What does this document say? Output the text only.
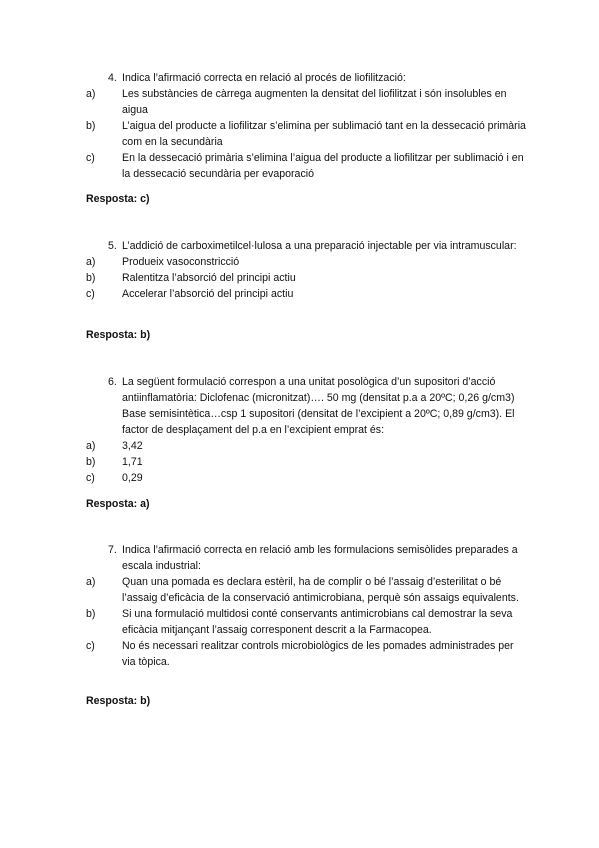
4. Indica l’afirmació correcta en relació al procés de liofilització:
a)	Les substàncies de càrrega augmenten la densitat del liofilitzat i són insolubles en aigua
b)	L’aigua del producte a liofilitzar s’elimina per sublimació tant en la dessecació primària com en la secundària
c)	En la dessecació primària s’elimina l’aigua del producte a liofilitzar per sublimació i en la dessecació secundària per evaporació
Resposta: c)
5. L’addició de carboximetilcel·lulosa a una preparació injectable per via intramuscular:
a)	Produeix vasoconstricció
b)	Ralentitza l’absorció del principi actiu
c)	Accelerar l’absorció del principi actiu
Resposta: b)
6. La següent formulació correspon a una unitat posològica d’un supositori d’acció antiinflamatòria: Diclofenac (micronitzat)…. 50 mg (densitat p.a a 20ºC; 0,26 g/cm3) Base semisintètica…csp 1 supositori (densitat de l’excipient a 20ºC; 0,89 g/cm3). El factor de desplaçament del p.a en l’excipient emprat és:
a)	3,42
b)	1,71
c)	0,29
Resposta: a)
7. Indica l’afirmació correcta en relació amb les formulacions semisòlides preparades a escala industrial:
a)	Quan una pomada es declara estèril, ha de complir o bé l’assaig d’esterilitat o bé l’assaig d’eficàcia de la conservació antimicrobiana, perquè són assaigs equivalents.
b)	Si una formulació multidosi conté conservants antimicrobians cal demostrar la seva eficàcia mitjançant l’assaig corresponent descrit a la Farmacopea.
c)	No és necessari realitzar controls microbiològics de les pomades administrades per via tòpica.
Resposta: b)
